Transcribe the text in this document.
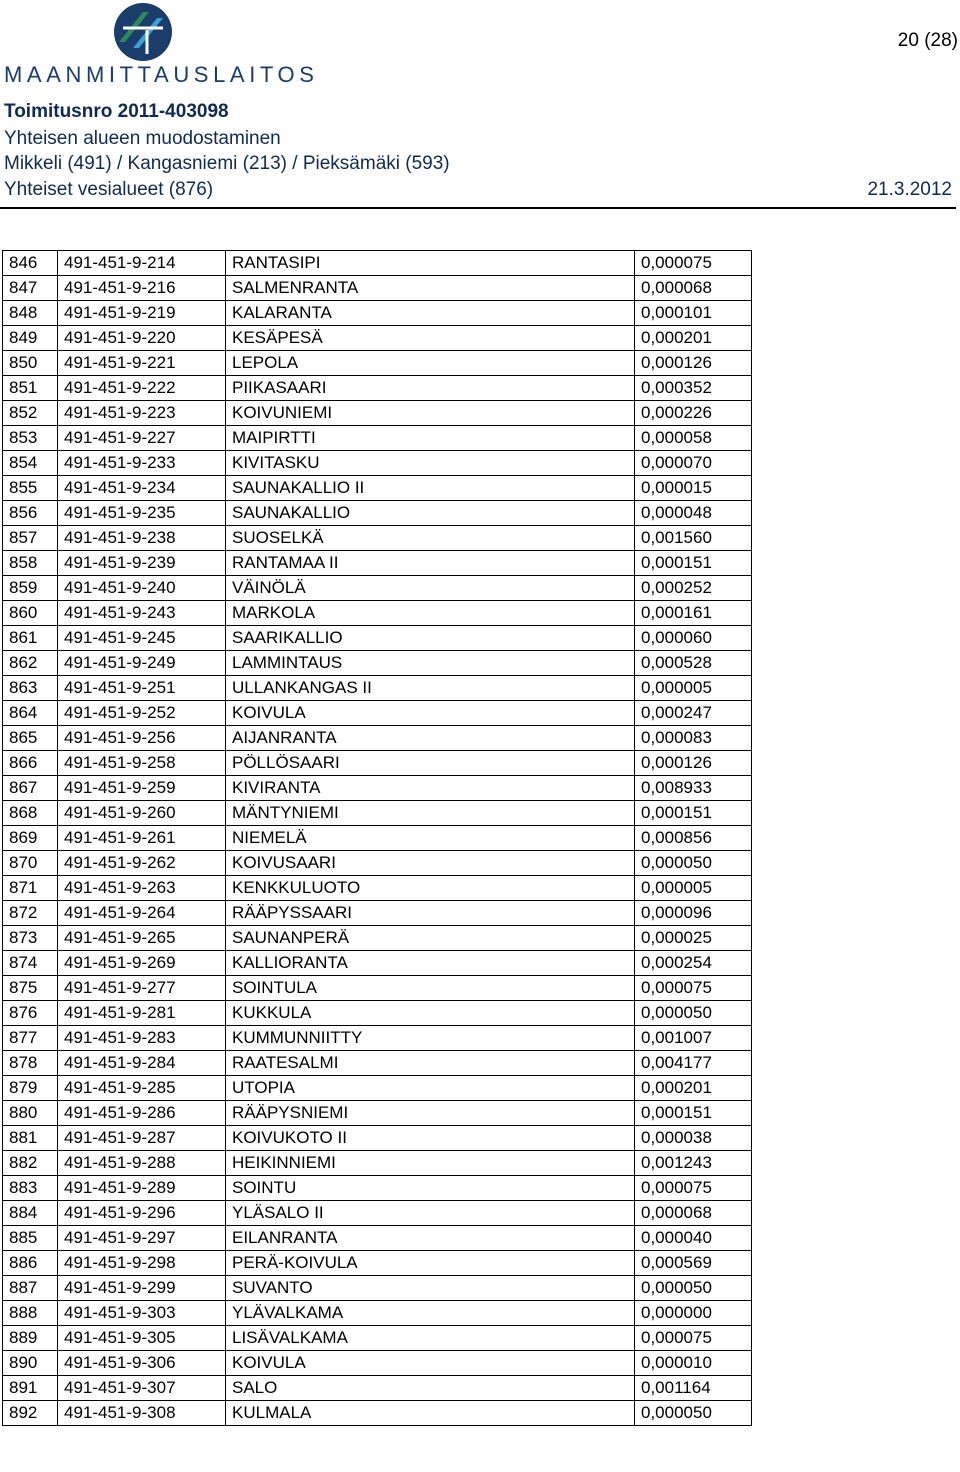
MAANMITTAUSLAITOS
20 (28)
Toimitusnro 2011-403098
Yhteisen alueen muodostaminen
Mikkeli (491) / Kangasniemi (213) / Pieksämäki (593)
Yhteiset vesialueet (876)	21.3.2012
846	491-451-9-214	RANTASIPI	0,000075
847	491-451-9-216	SALMENRANTA	0,000068
848	491-451-9-219	KALARANTA	0,000101
849	491-451-9-220	KESÄPESÄ	0,000201
850	491-451-9-221	LEPOLA	0,000126
851	491-451-9-222	PIIKASAARI	0,000352
852	491-451-9-223	KOIVUNIEMI	0,000226
853	491-451-9-227	MAIPIRTTI	0,000058
854	491-451-9-233	KIVITASKU	0,000070
855	491-451-9-234	SAUNAKALLIO II	0,000015
856	491-451-9-235	SAUNAKALLIO	0,000048
857	491-451-9-238	SUOSELKÄ	0,001560
858	491-451-9-239	RANTAMAA II	0,000151
859	491-451-9-240	VÄINÖLÄ	0,000252
860	491-451-9-243	MARKOLA	0,000161
861	491-451-9-245	SAARIKALLIO	0,000060
862	491-451-9-249	LAMMINTAUS	0,000528
863	491-451-9-251	ULLANKANGAS II	0,000005
864	491-451-9-252	KOIVULA	0,000247
865	491-451-9-256	AIJANRANTA	0,000083
866	491-451-9-258	PÖLLÖSAARI	0,000126
867	491-451-9-259	KIVIRANTA	0,008933
868	491-451-9-260	MÄNTYNIEMI	0,000151
869	491-451-9-261	NIEMELÄ	0,000856
870	491-451-9-262	KOIVUSAARI	0,000050
871	491-451-9-263	KENKKULUOTO	0,000005
872	491-451-9-264	RÄÄPYSSAARI	0,000096
873	491-451-9-265	SAUNANPERÄ	0,000025
874	491-451-9-269	KALLIORANTA	0,000254
875	491-451-9-277	SOINTULA	0,000075
876	491-451-9-281	KUKKULA	0,000050
877	491-451-9-283	KUMMUNNIITTY	0,001007
878	491-451-9-284	RAATESALMI	0,004177
879	491-451-9-285	UTOPIA	0,000201
880	491-451-9-286	RÄÄPYSNIEMI	0,000151
881	491-451-9-287	KOIVUKOTO II	0,000038
882	491-451-9-288	HEIKINNIEMI	0,001243
883	491-451-9-289	SOINTU	0,000075
884	491-451-9-296	YLÄSALO II	0,000068
885	491-451-9-297	EILANRANTA	0,000040
886	491-451-9-298	PERÄ-KOIVULA	0,000569
887	491-451-9-299	SUVANTO	0,000050
888	491-451-9-303	YLÄVALKAMA	0,000000
889	491-451-9-305	LISÄVALKAMA	0,000075
890	491-451-9-306	KOIVULA	0,000010
891	491-451-9-307	SALO	0,001164
892	491-451-9-308	KULMALA	0,000050
